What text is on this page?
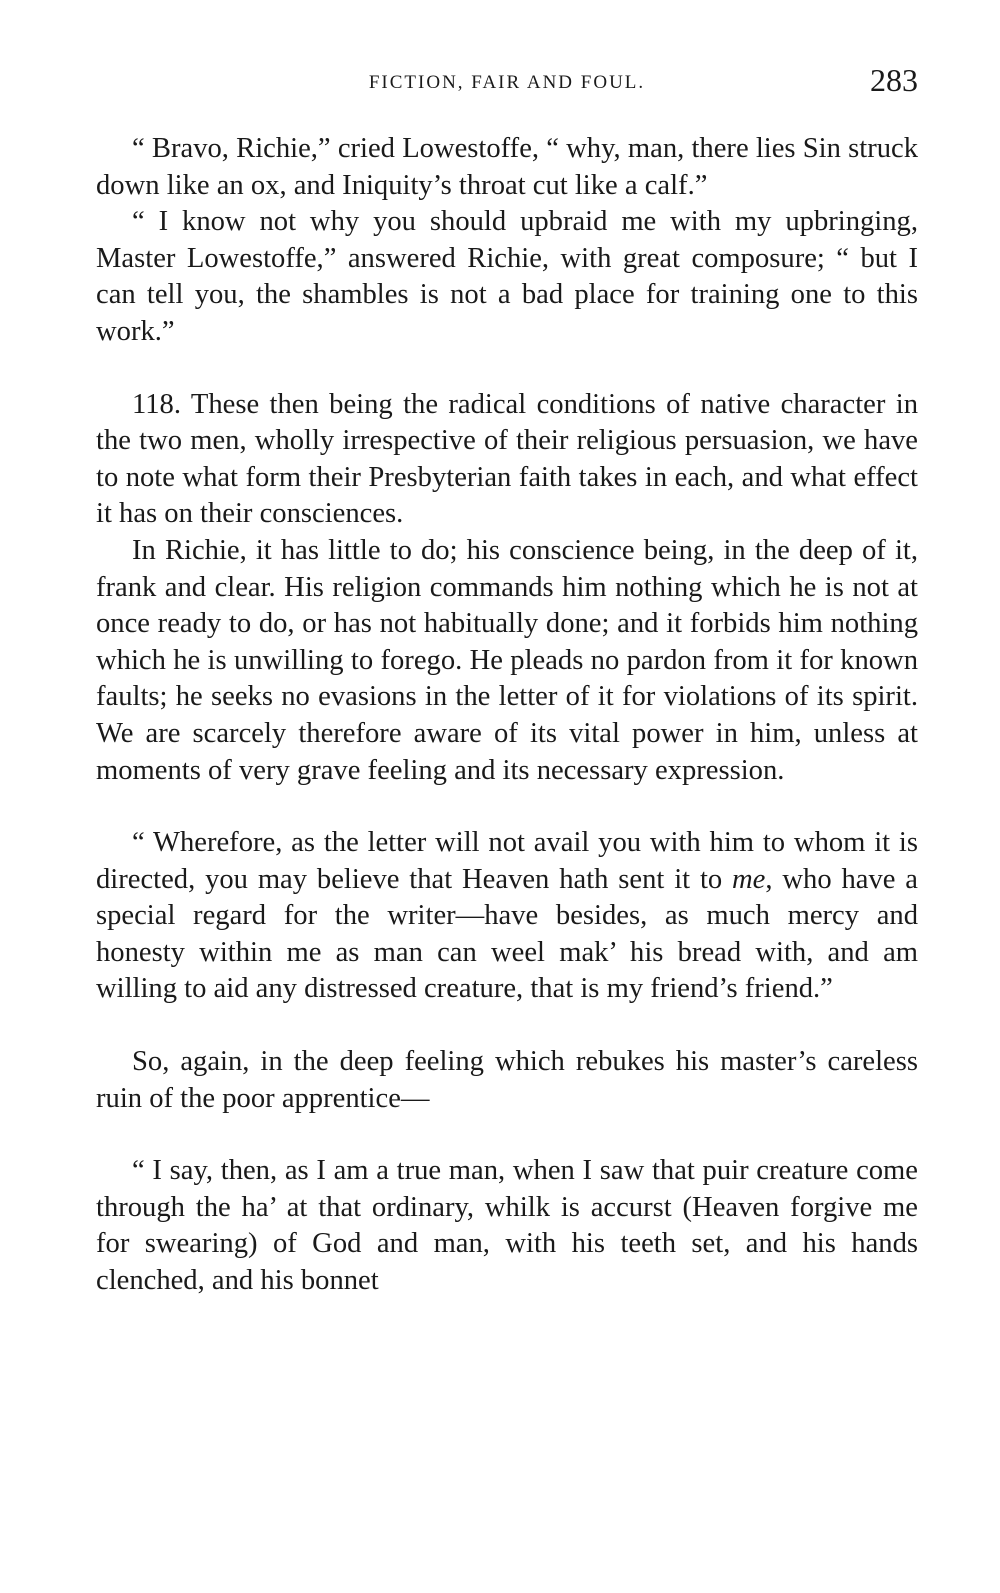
FICTION, FAIR AND FOUL.	283

“ Bravo, Richie,” cried Lowestoffe, “ why, man, there lies Sin struck down like an ox, and Iniquity’s throat cut like a calf.”

“ I know not why you should upbraid me with my upbringing, Master Lowestoffe,” answered Richie, with great composure; “ but I can tell you, the shambles is not a bad place for training one to this work.”

118. These then being the radical conditions of native character in the two men, wholly irrespective of their religious persuasion, we have to note what form their Presbyterian faith takes in each, and what effect it has on their consciences.

In Richie, it has little to do; his conscience being, in the deep of it, frank and clear. His religion commands him nothing which he is not at once ready to do, or has not habitually done; and it forbids him nothing which he is unwilling to forego. He pleads no pardon from it for known faults; he seeks no evasions in the letter of it for violations of its spirit. We are scarcely therefore aware of its vital power in him, unless at moments of very grave feeling and its necessary expression.

“ Wherefore, as the letter will not avail you with him to whom it is directed, you may believe that Heaven hath sent it to me, who have a special regard for the writer—have besides, as much mercy and honesty within me as man can weel mak’ his bread with, and am willing to aid any distressed creature, that is my friend’s friend.”

So, again, in the deep feeling which rebukes his master’s careless ruin of the poor apprentice—

“ I say, then, as I am a true man, when I saw that puir creature come through the ha’ at that ordinary, whilk is accurst (Heaven forgive me for swearing) of God and man, with his teeth set, and his hands clenched, and his bonnet
